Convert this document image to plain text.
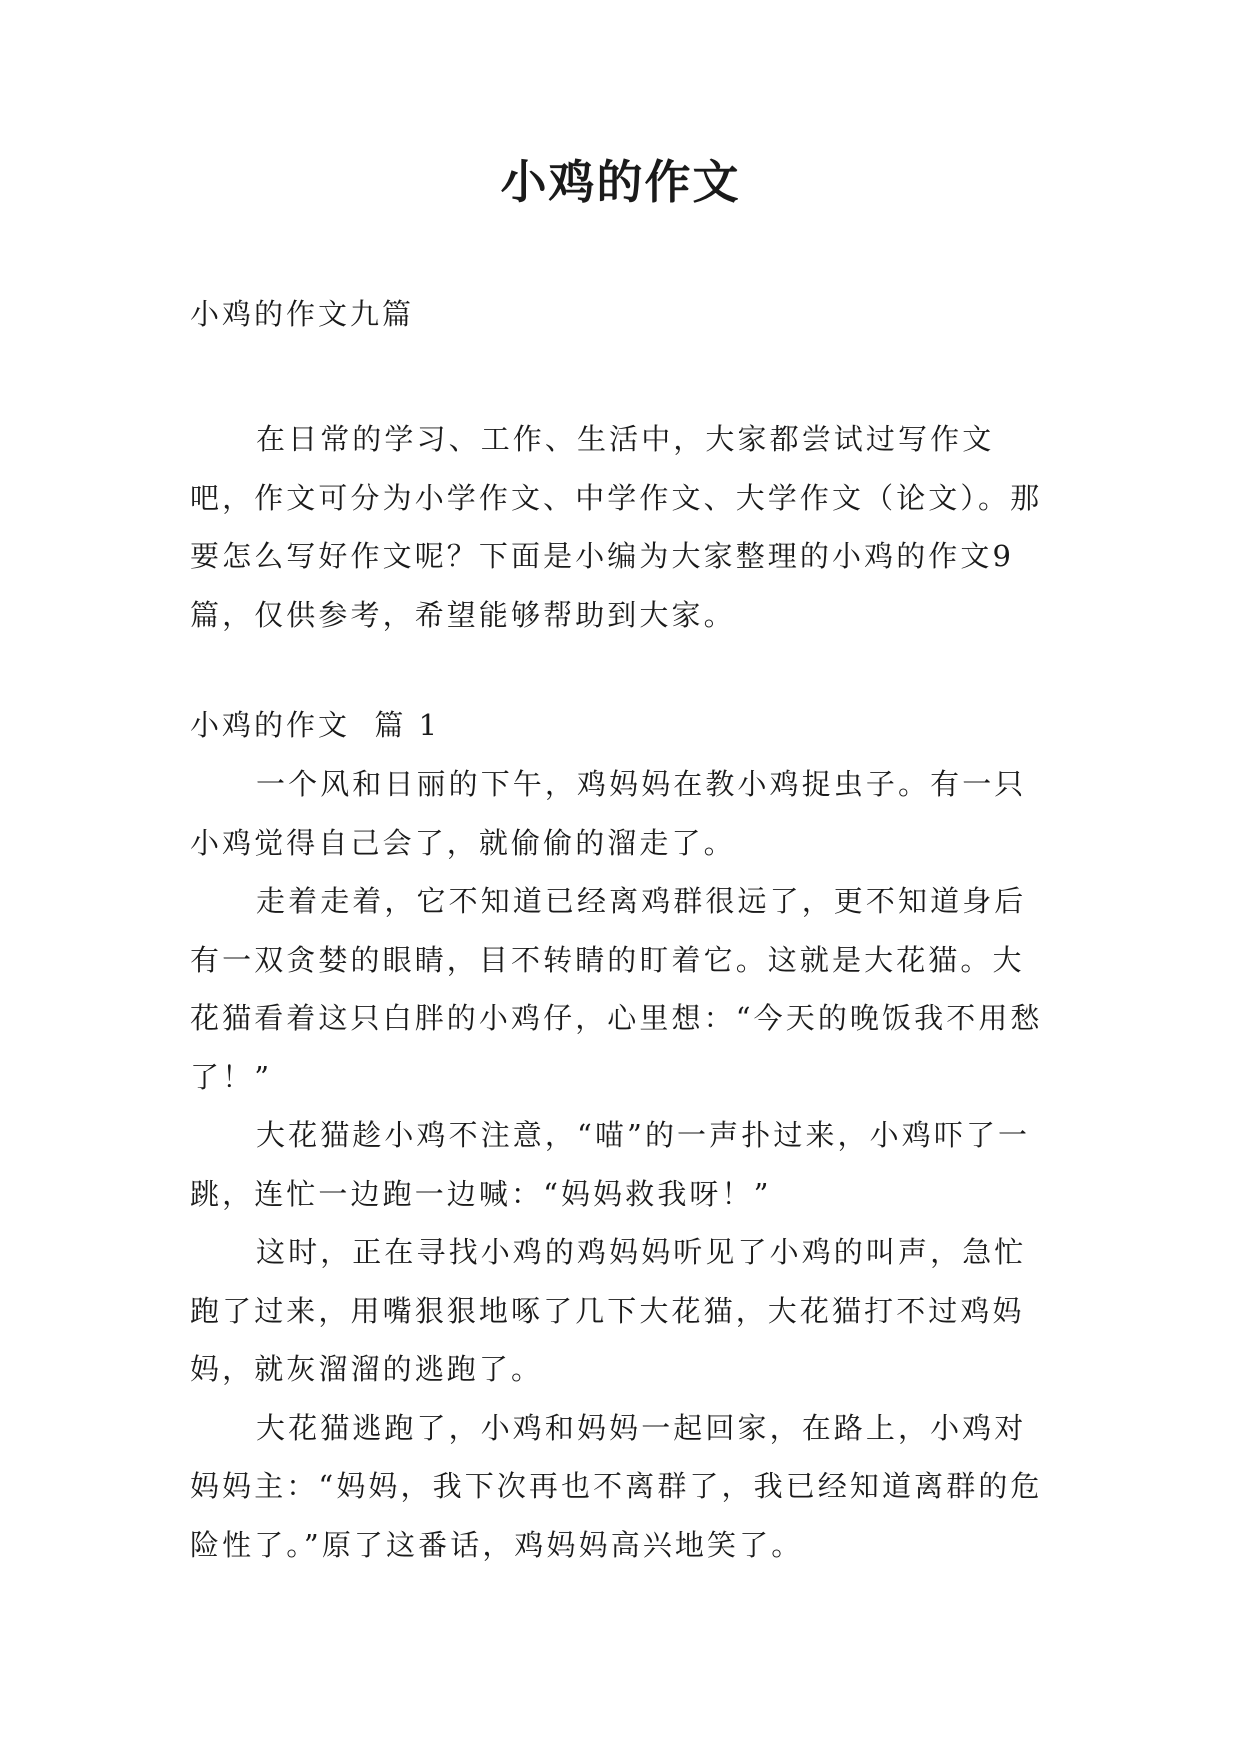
小鸡的作文
小鸡的作文九篇

在日常的学习、工作、生活中，大家都尝试过写作文吧，作文可分为小学作文、中学作文、大学作文（论文）。那要怎么写好作文呢？下面是小编为大家整理的小鸡的作文9篇，仅供参考，希望能够帮助到大家。

小鸡的作文  篇 1

一个风和日丽的下午，鸡妈妈在教小鸡捉虫子。有一只小鸡觉得自己会了，就偷偷的溜走了。

走着走着，它不知道已经离鸡群很远了，更不知道身后有一双贪婪的眼睛，目不转睛的盯着它。这就是大花猫。大花猫看着这只白胖的小鸡仔，心里想：“今天的晚饭我不用愁了！”

大花猫趁小鸡不注意，“喵”的一声扑过来，小鸡吓了一跳，连忙一边跑一边喊：“妈妈救我呀！”

这时，正在寻找小鸡的鸡妈妈听见了小鸡的叫声，急忙跑了过来，用嘴狠狠地啄了几下大花猫，大花猫打不过鸡妈妈，就灰溜溜的逃跑了。

大花猫逃跑了，小鸡和妈妈一起回家，在路上，小鸡对妈妈主：“妈妈，我下次再也不离群了，我已经知道离群的危险性了。”原了这番话，鸡妈妈高兴地笑了。
